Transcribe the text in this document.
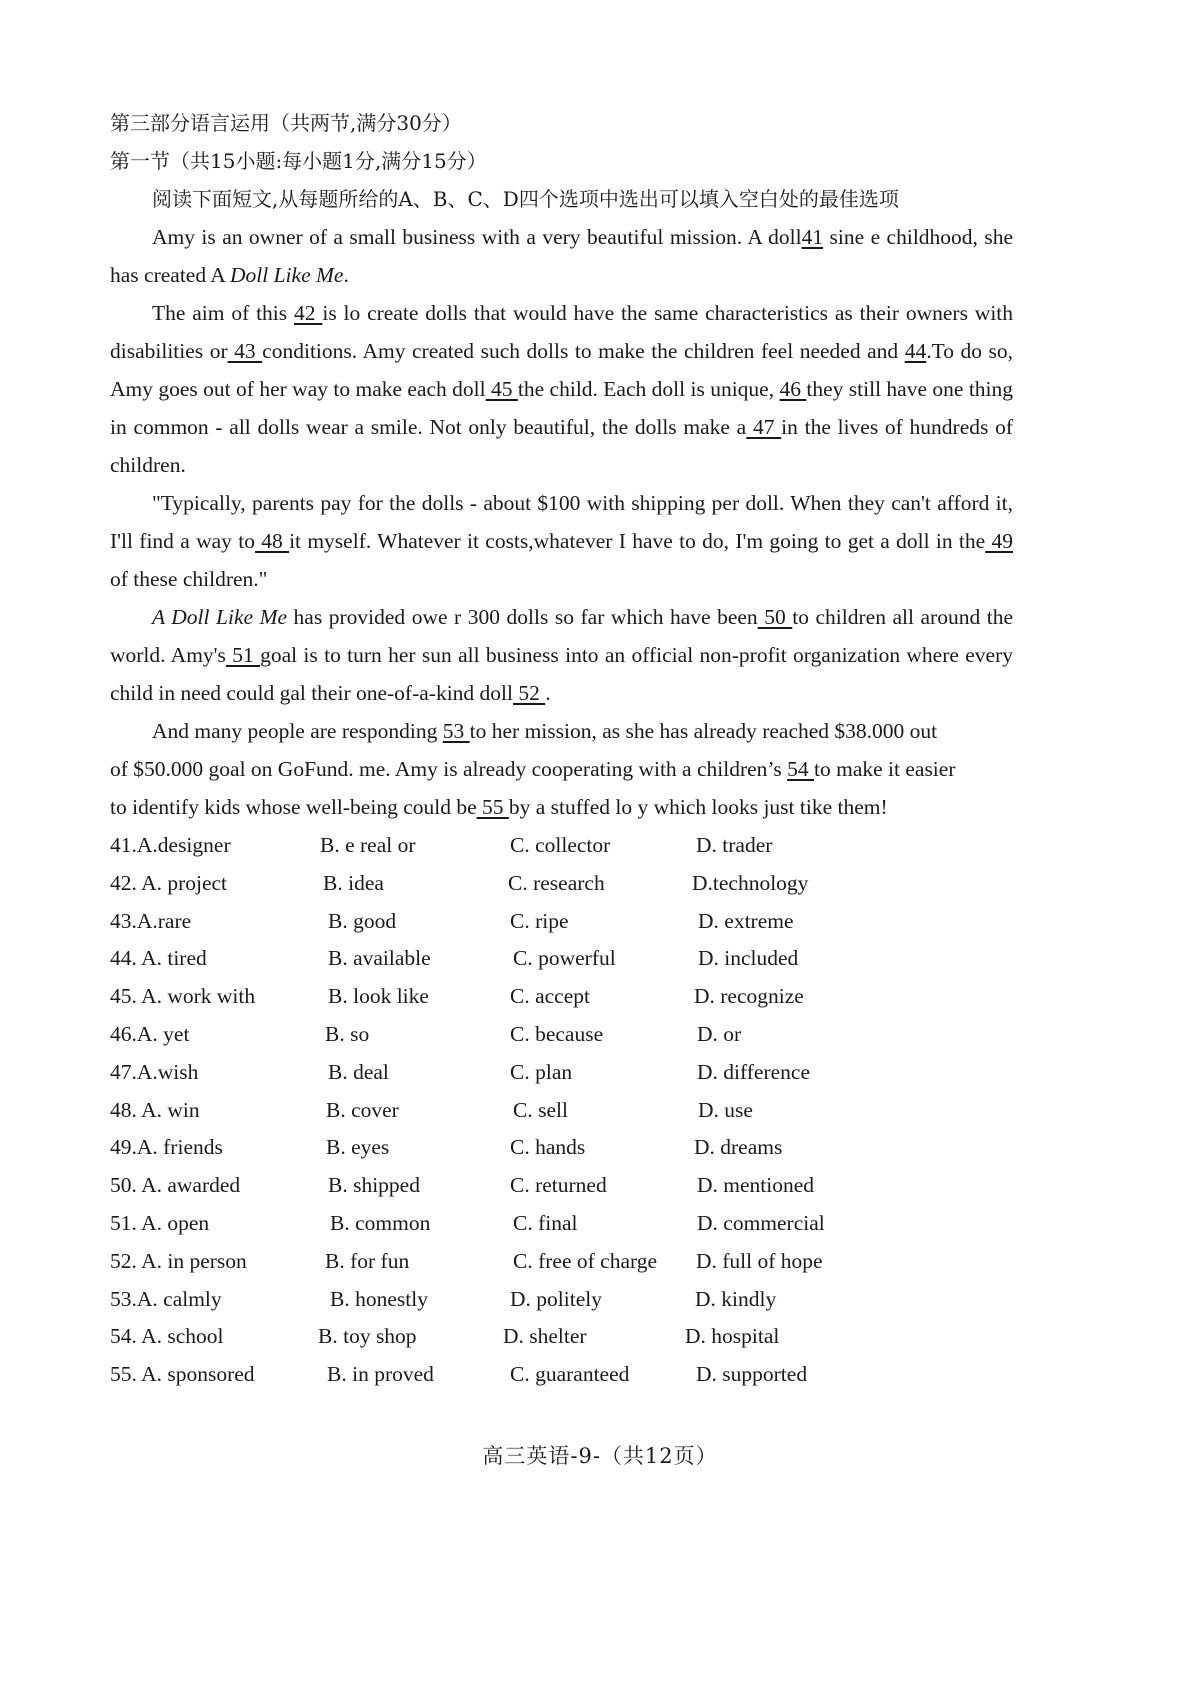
第三部分语言运用（共两节,满分30分）
第一节（共15小题:每小题1分,满分15分）
阅读下面短文,从每题所给的A、B、C、D四个选项中选出可以填入空白处的最佳选项
Amy is an owner of a small business with a very beautiful mission. A doll41 sine e childhood, she has created A Doll Like Me.
The aim of this 42 is lo create dolls that would have the same characteristics as their owners with disabilities or 43 conditions. Amy created such dolls to make the children feel needed and 44.To do so, Amy goes out of her way to make each doll 45 the child. Each doll is unique, 46 they still have one thing in common - all dolls wear a smile. Not only beautiful, the dolls make a 47 in the lives of hundreds of children.
"Typically, parents pay for the dolls - about $100 with shipping per doll. When they can't afford it, I'll find a way to 48 it myself. Whatever it costs,whatever I have to do, I'm going to get a doll in the 49 of these children."
A Doll Like Me has provided owe r 300 dolls so far which have been 50 to children all around the world. Amy's 51 goal is to turn her sun all business into an official non-profit organization where every child in need could gal their one-of-a-kind doll 52 .
And many people are responding 53 to her mission, as she has already reached $38.000 out
of $50.000 goal on GoFund. me. Amy is already cooperating with a children’s 54 to make it easier
to identify kids whose well-being could be 55 by a stuffed lo y which looks just tike them!
41.A.designer	B. e real or	C. collector	D. trader
42. A. project	B. idea	C. research	D.technology
43.A.rare	B. good	C. ripe	D. extreme
44. A. tired	B. available	C. powerful	D. included
45. A. work with	B. look like	C. accept	D. recognize
46.A. yet	B. so	C. because	D. or
47.A.wish	B. deal	C. plan	D. difference
48. A. win	B. cover	C. sell	D. use
49.A. friends	B. eyes	C. hands	D. dreams
50. A. awarded	B. shipped	C. returned	D. mentioned
51. A. open	B. common	C. final	D. commercial
52. A. in person	B. for fun	C. free of charge D. full of hope
53.A. calmly	B. honestly	D. politely	D. kindly
54. A. school	B. toy shop	D. shelter	D. hospital
55. A. sponsored	B. in proved	C. guaranteed	D. supported
高三英语-9-（共12页）
